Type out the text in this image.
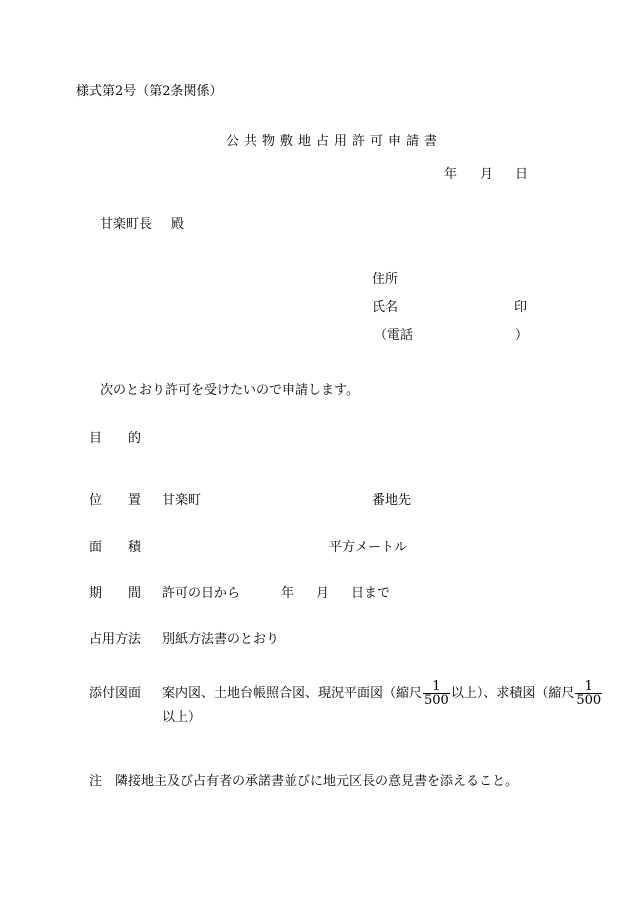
様式第2号（第2条関係）
公共物敷地占用許可申請書
年 月 日
甘楽町長 殿
住所
氏名	印
（電話	）
次のとおり許可を受けたいので申請します。
目　　的
位　　置 甘楽町	番地先
面　　積	平方メートル
期　　間 許可の日から	年 月 日まで
占用方法 別紙方法書のとおり
添付図面 案内図、土地台帳照合図、現況平面図（縮尺 $\frac{1}{500}$ 以上）、求積図（縮尺 $\frac{1}{500}$
以上）
注 隣接地主及び占有者の承諾書並びに地元区長の意見書を添えること。
